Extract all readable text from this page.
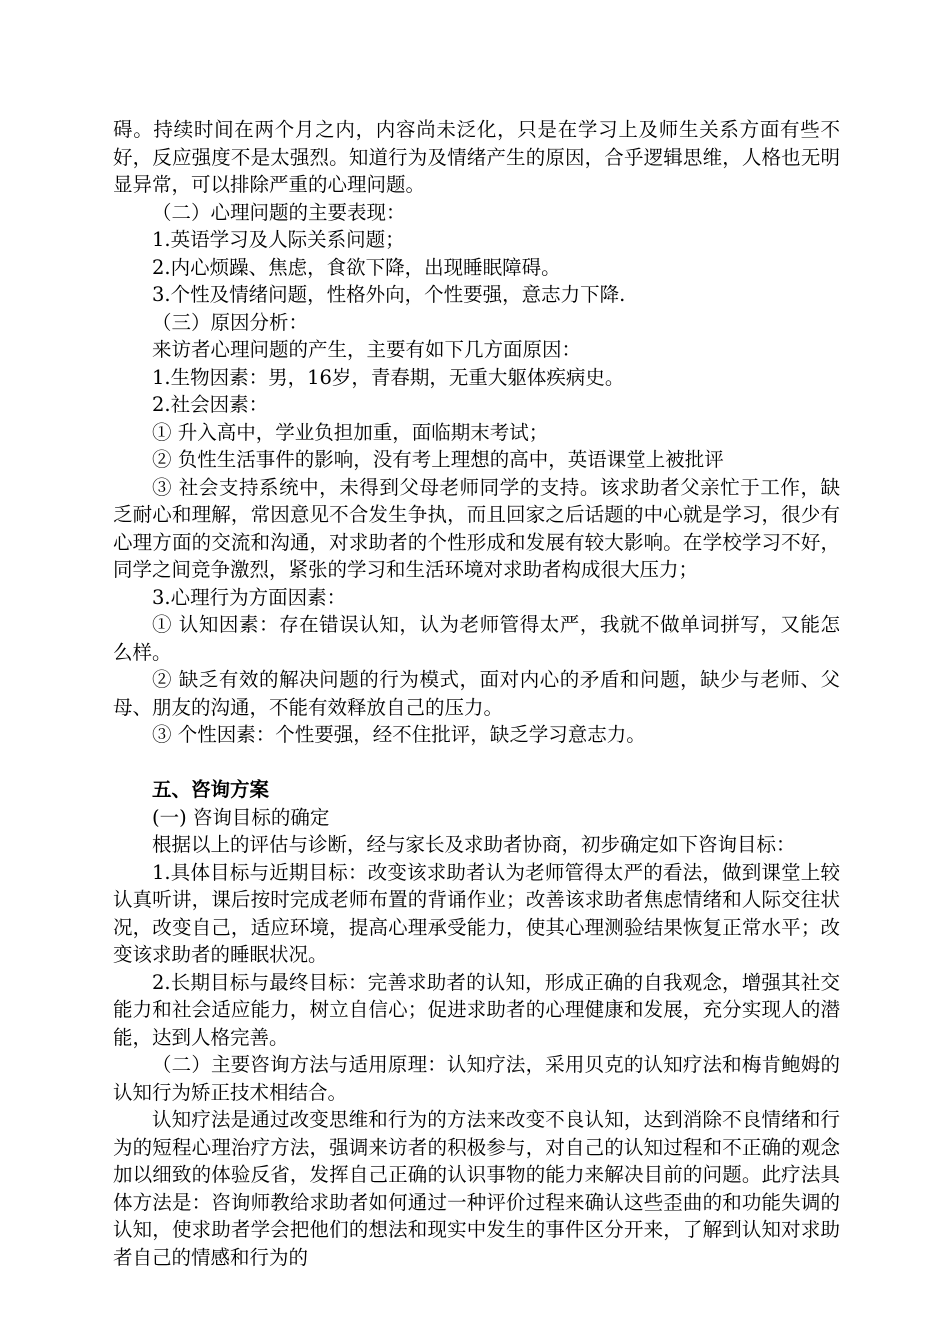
碍。持续时间在两个月之内，内容尚未泛化，只是在学习上及师生关系方面有些不好，反应强度不是太强烈。知道行为及情绪产生的原因，合乎逻辑思维，人格也无明显异常，可以排除严重的心理问题。

（二）心理问题的主要表现：

1.英语学习及人际关系问题；

2.内心烦躁、焦虑，食欲下降，出现睡眠障碍。

3.个性及情绪问题，性格外向，个性要强，意志力下降.

（三）原因分析：

来访者心理问题的产生，主要有如下几方面原因：

1.生物因素：男，16岁，青春期，无重大躯体疾病史。

2.社会因素：

① 升入高中，学业负担加重，面临期末考试；

② 负性生活事件的影响，没有考上理想的高中，英语课堂上被批评

③ 社会支持系统中，未得到父母老师同学的支持。该求助者父亲忙于工作，缺乏耐心和理解，常因意见不合发生争执，而且回家之后话题的中心就是学习，很少有心理方面的交流和沟通，对求助者的个性形成和发展有较大影响。在学校学习不好，同学之间竞争激烈，紧张的学习和生活环境对求助者构成很大压力；

3.心理行为方面因素：

① 认知因素：存在错误认知，认为老师管得太严，我就不做单词拼写，又能怎么样。

② 缺乏有效的解决问题的行为模式，面对内心的矛盾和问题，缺少与老师、父母、朋友的沟通，不能有效释放自己的压力。

③ 个性因素：个性要强，经不住批评，缺乏学习意志力。

五、咨询方案

(一) 咨询目标的确定

根据以上的评估与诊断，经与家长及求助者协商，初步确定如下咨询目标：

1.具体目标与近期目标：改变该求助者认为老师管得太严的看法，做到课堂上较认真听讲，课后按时完成老师布置的背诵作业；改善该求助者焦虑情绪和人际交往状况，改变自己，适应环境，提高心理承受能力，使其心理测验结果恢复正常水平；改变该求助者的睡眠状况。

2.长期目标与最终目标：完善求助者的认知，形成正确的自我观念，增强其社交能力和社会适应能力，树立自信心；促进求助者的心理健康和发展，充分实现人的潜能，达到人格完善。

（二）主要咨询方法与适用原理：认知疗法，采用贝克的认知疗法和梅肯鲍姆的认知行为矫正技术相结合。

认知疗法是通过改变思维和行为的方法来改变不良认知，达到消除不良情绪和行为的短程心理治疗方法，强调来访者的积极参与，对自己的认知过程和不正确的观念加以细致的体验反省，发挥自己正确的认识事物的能力来解决目前的问题。此疗法具体方法是：咨询师教给求助者如何通过一种评价过程来确认这些歪曲的和功能失调的认知，使求助者学会把他们的想法和现实中发生的事件区分开来，了解到认知对求助者自己的情感和行为的
